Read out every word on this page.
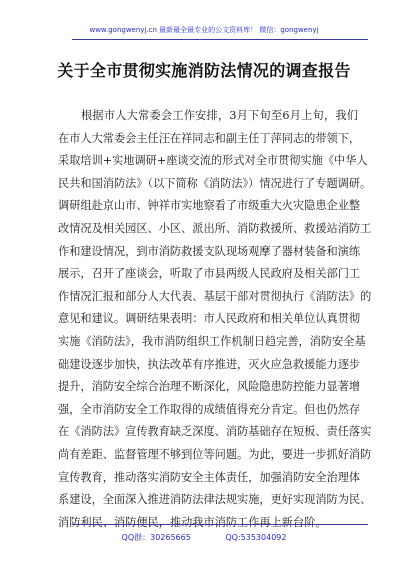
www.gongwenyj.cn 最新最全最专业的公文资料库！ 微信：gongwenyj
关于全市贯彻实施消防法情况的调查报告
根据市人大常委会工作安排，3月下旬至6月上旬，我们
在市人大常委会主任汪在祥同志和副主任丁萍同志的带领下，
采取培训+实地调研+座谈交流的形式对全市贯彻实施《中华人
民共和国消防法》（以下简称《消防法》）情况进行了专题调研。
调研组赴京山市、钟祥市实地察看了市级重大火灾隐患企业整
改情况及相关园区、小区、派出所、消防救援所、救援站消防工
作和建设情况，到市消防救援支队现场观摩了器材装备和演练
展示，召开了座谈会，听取了市县两级人民政府及相关部门工
作情况汇报和部分人大代表、基层干部对贯彻执行《消防法》的
意见和建议。调研结果表明：市人民政府和相关单位认真贯彻
实施《消防法》，我市消防组织工作机制日趋完善，消防安全基
础建设逐步加快，执法改革有序推进，灭火应急救援能力逐步
提升，消防安全综合治理不断深化，风险隐患防控能力显著增
强，全市消防安全工作取得的成绩值得充分肯定。但也仍然存
在《消防法》宣传教育缺乏深度、消防基础存在短板、责任落实
尚有差距、监督管理不够到位等问题。为此，要进一步抓好消防
宣传教育，推动落实消防安全主体责任，加强消防安全治理体
系建设，全面深入推进消防法律法规实施，更好实现消防为民、
消防利民、消防便民，推动我市消防工作再上新台阶。
QQ群：30265665	QQ:535304092
